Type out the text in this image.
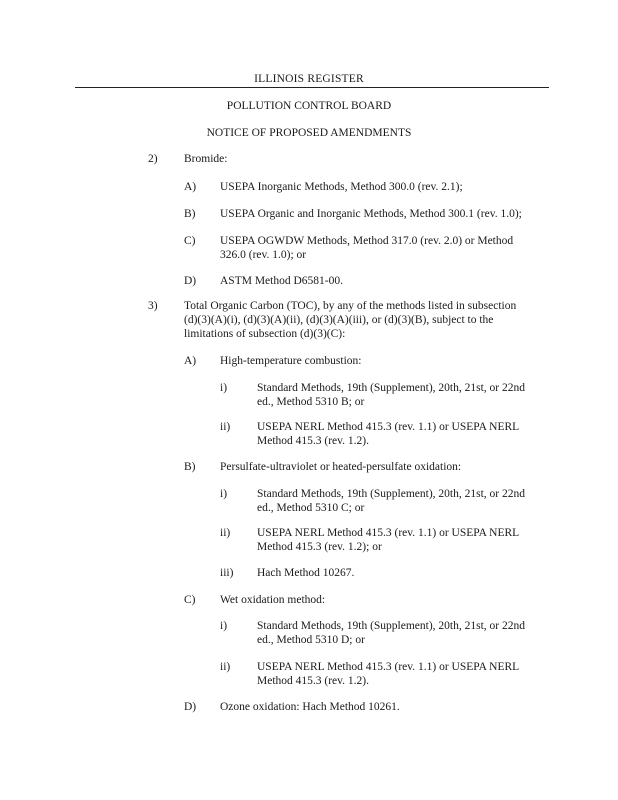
ILLINOIS REGISTER
POLLUTION CONTROL BOARD
NOTICE OF PROPOSED AMENDMENTS
2) Bromide:
A) USEPA Inorganic Methods, Method 300.0 (rev. 2.1);
B) USEPA Organic and Inorganic Methods, Method 300.1 (rev. 1.0);
C) USEPA OGWDW Methods, Method 317.0 (rev. 2.0) or Method
326.0 (rev. 1.0); or
D) ASTM Method D6581-00.
3) Total Organic Carbon (TOC), by any of the methods listed in subsection
(d)(3)(A)(i), (d)(3)(A)(ii), (d)(3)(A)(iii), or (d)(3)(B), subject to the
limitations of subsection (d)(3)(C):
A) High-temperature combustion:
i)	Standard Methods, 19th (Supplement), 20th, 21st, or 22nd
ed., Method 5310 B; or
ii) USEPA NERL Method 415.3 (rev. 1.1) or USEPA NERL
Method 415.3 (rev. 1.2).
B) Persulfate-ultraviolet or heated-persulfate oxidation:
i)	Standard Methods, 19th (Supplement), 20th, 21st, or 22nd
ed., Method 5310 C; or
ii) USEPA NERL Method 415.3 (rev. 1.1) or USEPA NERL
Method 415.3 (rev. 1.2); or
iii) Hach Method 10267.
C) Wet oxidation method:
i)	Standard Methods, 19th (Supplement), 20th, 21st, or 22nd
ed., Method 5310 D; or
ii) USEPA NERL Method 415.3 (rev. 1.1) or USEPA NERL
Method 415.3 (rev. 1.2).
D) Ozone oxidation: Hach Method 10261.
